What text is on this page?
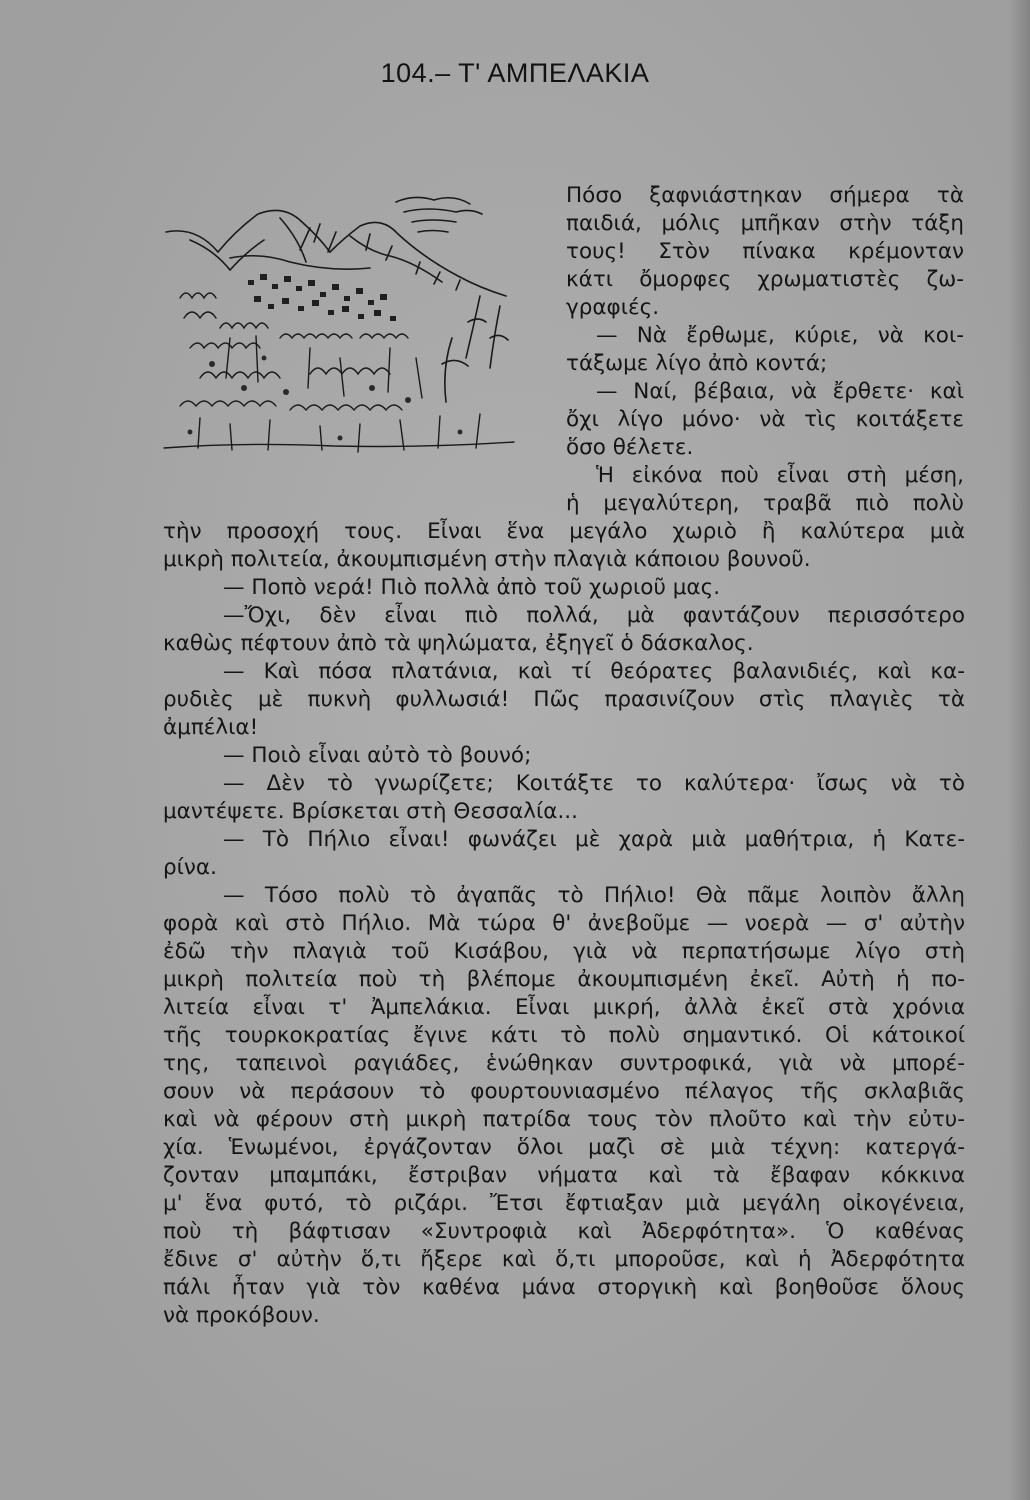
104.– Τ' ΑΜΠΕΛΑΚΙΑ
Πόσο ξαφνιάστηκαν σήμερα τὰ
παιδιά, μόλις μπῆκαν στὴν τάξη
τους! Στὸν πίνακα κρέμονταν
κάτι ὄμορφες χρωματιστὲς ζω-
γραφιές.
— Νὰ ἔρθωμε, κύριε, νὰ κοι-
τάξωμε λίγο ἀπὸ κοντά;
— Ναί, βέβαια, νὰ ἔρθετε· καὶ
ὄχι λίγο μόνο· νὰ τὶς κοιτάξετε
ὅσο θέλετε.
Ἡ εἰκόνα ποὺ εἶναι στὴ μέση,
ἡ μεγαλύτερη, τραβᾶ πιὸ πολὺ
τὴν προσοχή τους. Εἶναι ἕνα μεγάλο χωριὸ ἢ καλύτερα μιὰ
μικρὴ πολιτεία, ἀκουμπισμένη στὴν πλαγιὰ κάποιου βουνοῦ.
— Ποπὸ νερά! Πιὸ πολλὰ ἀπὸ τοῦ χωριοῦ μας.
—Ὄχι, δὲν εἶναι πιὸ πολλά, μὰ φαντάζουν περισσότερο
καθὼς πέφτουν ἀπὸ τὰ ψηλώματα, ἐξηγεῖ ὁ δάσκαλος.
— Καὶ πόσα πλατάνια, καὶ τί θεόρατες βαλανιδιές, καὶ κα-
ρυδιὲς μὲ πυκνὴ φυλλωσιά! Πῶς πρασινίζουν στὶς πλαγιὲς τὰ
ἀμπέλια!
— Ποιὸ εἶναι αὐτὸ τὸ βουνό;
— Δὲν τὸ γνωρίζετε; Κοιτάξτε το καλύτερα· ἴσως νὰ τὸ
μαντέψετε. Βρίσκεται στὴ Θεσσαλία...
— Τὸ Πήλιο εἶναι! φωνάζει μὲ χαρὰ μιὰ μαθήτρια, ἡ Κατε-
ρίνα.
— Τόσο πολὺ τὸ ἀγαπᾶς τὸ Πήλιο! Θὰ πᾶμε λοιπὸν ἄλλη
φορὰ καὶ στὸ Πήλιο. Μὰ τώρα θ' ἀνεβοῦμε — νοερὰ — σ' αὐτὴν
ἐδῶ τὴν πλαγιὰ τοῦ Κισάβου, γιὰ νὰ περπατήσωμε λίγο στὴ
μικρὴ πολιτεία ποὺ τὴ βλέπομε ἀκουμπισμένη ἐκεῖ. Αὐτὴ ἡ πο-
λιτεία εἶναι τ' Ἀμπελάκια. Εἶναι μικρή, ἀλλὰ ἐκεῖ στὰ χρόνια
τῆς τουρκοκρατίας ἔγινε κάτι τὸ πολὺ σημαντικό. Οἱ κάτοικοί
της, ταπεινοὶ ραγιάδες, ἑνώθηκαν συντροφικά, γιὰ νὰ μπορέ-
σουν νὰ περάσουν τὸ φουρτουνιασμένο πέλαγος τῆς σκλαβιᾶς
καὶ νὰ φέρουν στὴ μικρὴ πατρίδα τους τὸν πλοῦτο καὶ τὴν εὐτυ-
χία. Ἑνωμένοι, ἐργάζονταν ὅλοι μαζὶ σὲ μιὰ τέχνη: κατεργά-
ζονταν μπαμπάκι, ἔστριβαν νήματα καὶ τὰ ἔβαφαν κόκκινα
μ' ἕνα φυτό, τὸ ριζάρι. Ἔτσι ἔφτιαξαν μιὰ μεγάλη οἰκογένεια,
ποὺ τὴ βάφτισαν «Συντροφιὰ καὶ Ἀδερφότητα». Ὁ καθένας
ἔδινε σ' αὐτὴν ὅ,τι ἤξερε καὶ ὅ,τι μποροῦσε, καὶ ἡ Ἀδερφότητα
πάλι ἦταν γιὰ τὸν καθένα μάνα στοργικὴ καὶ βοηθοῦσε ὅλους
νὰ προκόβουν.
